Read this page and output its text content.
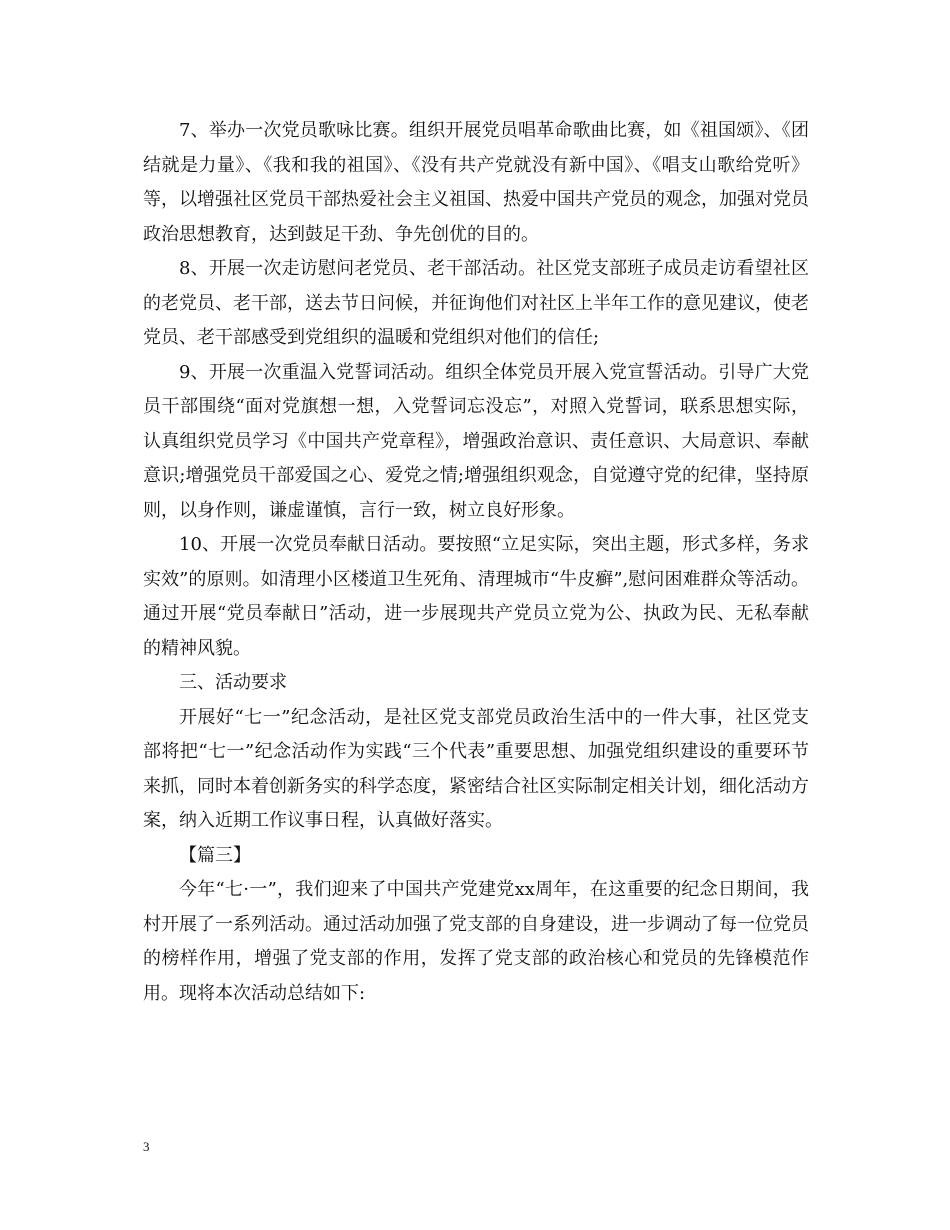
7、举办一次党员歌咏比赛。组织开展党员唱革命歌曲比赛，如《祖国颂》、《团结就是力量》、《我和我的祖国》、《没有共产党就没有新中国》、《唱支山歌给党听》等，以增强社区党员干部热爱社会主义祖国、热爱中国共产党员的观念，加强对党员政治思想教育，达到鼓足干劲、争先创优的目的。

8、开展一次走访慰问老党员、老干部活动。社区党支部班子成员走访看望社区的老党员、老干部，送去节日问候，并征询他们对社区上半年工作的意见建议，使老党员、老干部感受到党组织的温暖和党组织对他们的信任;

9、开展一次重温入党誓词活动。组织全体党员开展入党宣誓活动。引导广大党员干部围绕“面对党旗想一想，入党誓词忘没忘”，对照入党誓词，联系思想实际，认真组织党员学习《中国共产党章程》，增强政治意识、责任意识、大局意识、奉献意识;增强党员干部爱国之心、爱党之情;增强组织观念，自觉遵守党的纪律，坚持原则，以身作则，谦虚谨慎，言行一致，树立良好形象。

10、开展一次党员奉献日活动。要按照“立足实际，突出主题，形式多样，务求实效”的原则。如清理小区楼道卫生死角、清理城市“牛皮癣”,慰问困难群众等活动。通过开展“党员奉献日”活动，进一步展现共产党员立党为公、执政为民、无私奉献的精神风貌。

三、活动要求

开展好“七一”纪念活动，是社区党支部党员政治生活中的一件大事，社区党支部将把“七一”纪念活动作为实践“三个代表”重要思想、加强党组织建设的重要环节来抓，同时本着创新务实的科学态度，紧密结合社区实际制定相关计划，细化活动方案，纳入近期工作议事日程，认真做好落实。

【篇三】

今年“七·一”，我们迎来了中国共产党建党xx周年，在这重要的纪念日期间，我村开展了一系列活动。通过活动加强了党支部的自身建设，进一步调动了每一位党员的榜样作用，增强了党支部的作用，发挥了党支部的政治核心和党员的先锋模范作用。现将本次活动总结如下:

3
